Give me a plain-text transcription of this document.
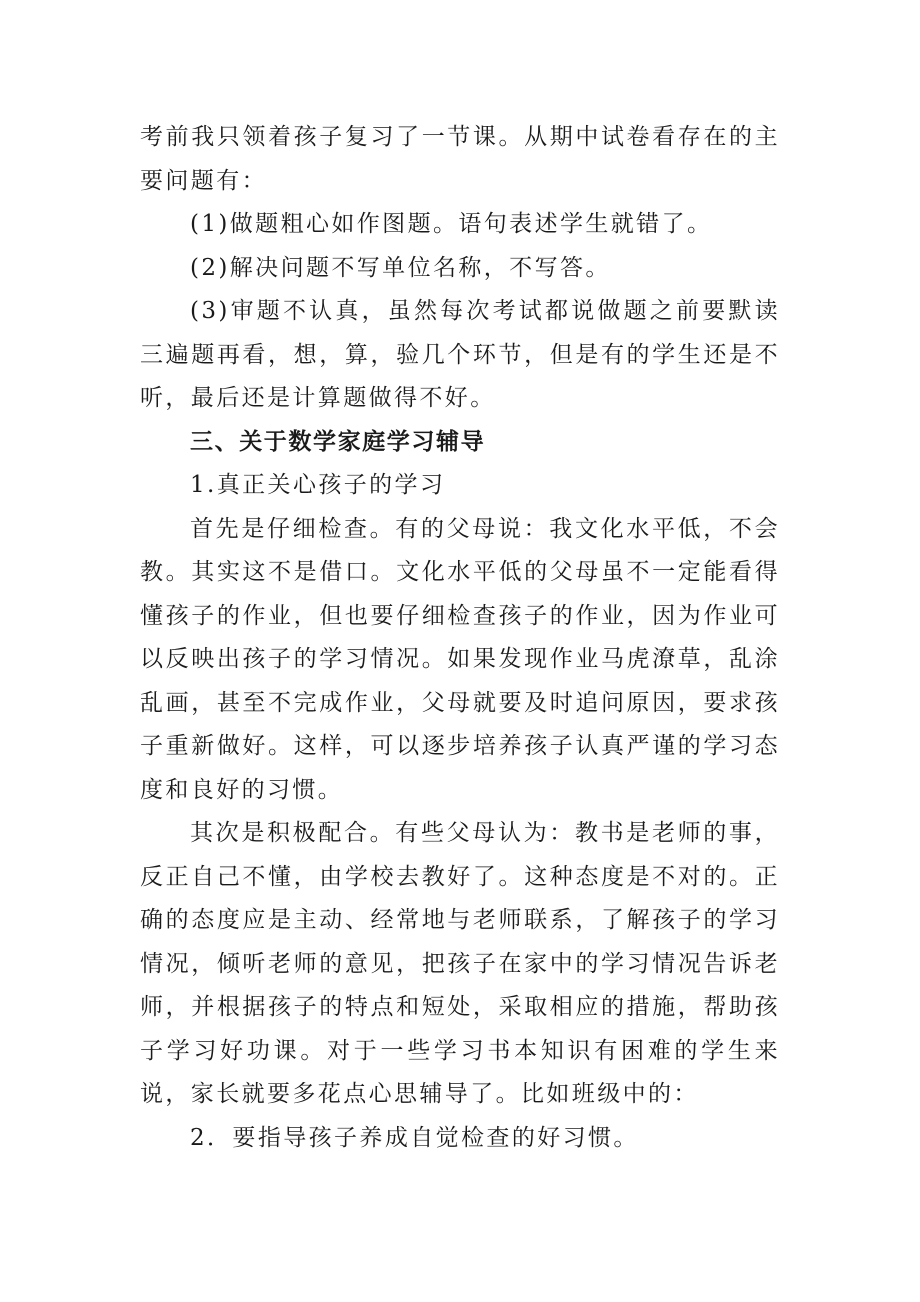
考前我只领着孩子复习了一节课。从期中试卷看存在的主要问题有：

(1)做题粗心如作图题。语句表述学生就错了。

(2)解决问题不写单位名称，不写答。

(3)审题不认真，虽然每次考试都说做题之前要默读三遍题再看，想，算，验几个环节，但是有的学生还是不听，最后还是计算题做得不好。

三、关于数学家庭学习辅导

1.真正关心孩子的学习

首先是仔细检查。有的父母说：我文化水平低，不会教。其实这不是借口。文化水平低的父母虽不一定能看得懂孩子的作业，但也要仔细检查孩子的作业，因为作业可以反映出孩子的学习情况。如果发现作业马虎潦草，乱涂乱画，甚至不完成作业，父母就要及时追问原因，要求孩子重新做好。这样，可以逐步培养孩子认真严谨的学习态度和良好的习惯。

其次是积极配合。有些父母认为：教书是老师的事，反正自己不懂，由学校去教好了。这种态度是不对的。正确的态度应是主动、经常地与老师联系，了解孩子的学习情况，倾听老师的意见，把孩子在家中的学习情况告诉老师，并根据孩子的特点和短处，采取相应的措施，帮助孩子学习好功课。对于一些学习书本知识有困难的学生来说，家长就要多花点心思辅导了。比如班级中的：

2．要指导孩子养成自觉检查的好习惯。
